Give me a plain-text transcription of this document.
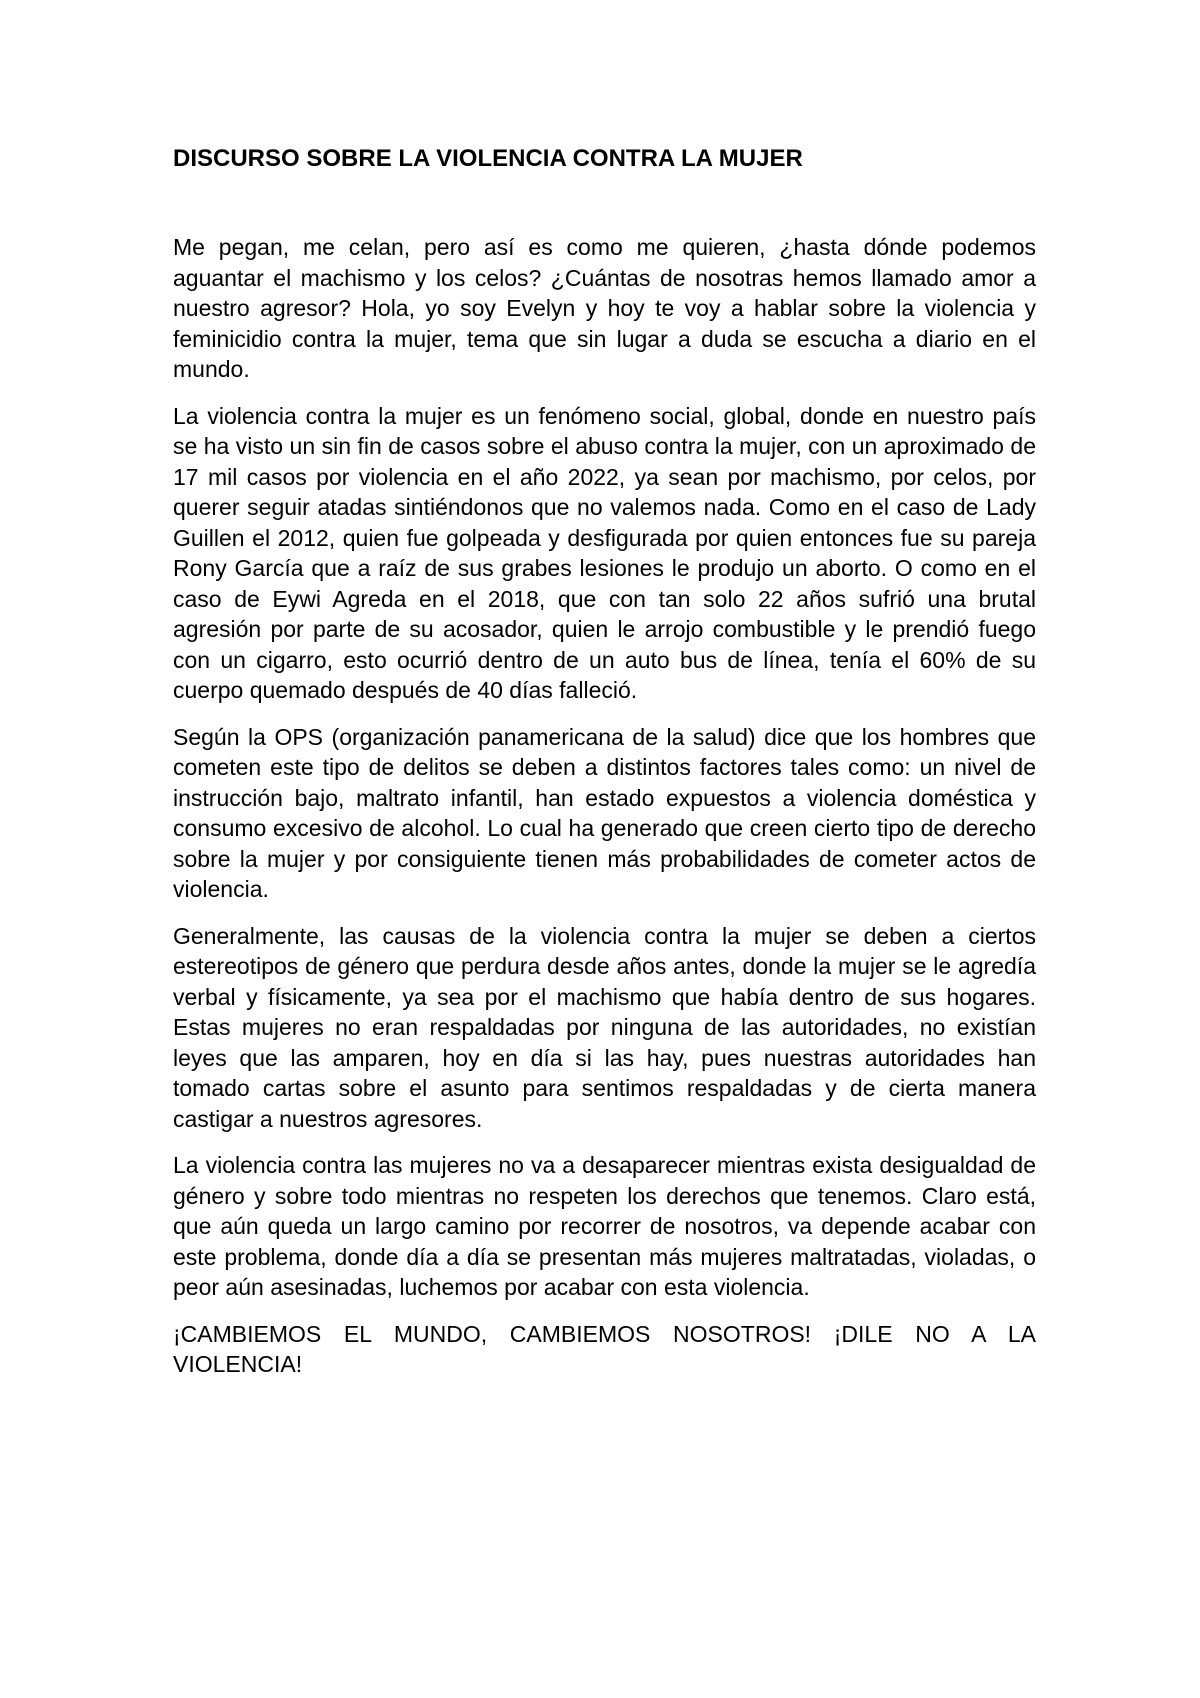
DISCURSO SOBRE LA VIOLENCIA CONTRA LA MUJER

Me pegan, me celan, pero así es como me quieren, ¿hasta dónde podemos aguantar el machismo y los celos? ¿Cuántas de nosotras hemos llamado amor a nuestro agresor? Hola, yo soy Evelyn y hoy te voy a hablar sobre la violencia y feminicidio contra la mujer, tema que sin lugar a duda se escucha a diario en el mundo.

La violencia contra la mujer es un fenómeno social, global, donde en nuestro país se ha visto un sin fin de casos sobre el abuso contra la mujer, con un aproximado de 17 mil casos por violencia en el año 2022, ya sean por machismo, por celos, por querer seguir atadas sintiéndonos que no valemos nada. Como en el caso de Lady Guillen el 2012, quien fue golpeada y desfigurada por quien entonces fue su pareja Rony García que a raíz de sus grabes lesiones le produjo un aborto. O como en el caso de Eywi Agreda en el 2018, que con tan solo 22 años sufrió una brutal agresión por parte de su acosador, quien le arrojo combustible y le prendió fuego con un cigarro, esto ocurrió dentro de un auto bus de línea, tenía el 60% de su cuerpo quemado después de 40 días falleció.

Según la OPS (organización panamericana de la salud) dice que los hombres que cometen este tipo de delitos se deben a distintos factores tales como: un nivel de instrucción bajo, maltrato infantil, han estado expuestos a violencia doméstica y consumo excesivo de alcohol. Lo cual ha generado que creen cierto tipo de derecho sobre la mujer y por consiguiente tienen más probabilidades de cometer actos de violencia.

Generalmente, las causas de la violencia contra la mujer se deben a ciertos estereotipos de género que perdura desde años antes, donde la mujer se le agredía verbal y físicamente, ya sea por el machismo que había dentro de sus hogares. Estas mujeres no eran respaldadas por ninguna de las autoridades, no existían leyes que las amparen, hoy en día si las hay, pues nuestras autoridades han tomado cartas sobre el asunto para sentimos respaldadas y de cierta manera castigar a nuestros agresores.

La violencia contra las mujeres no va a desaparecer mientras exista desigualdad de género y sobre todo mientras no respeten los derechos que tenemos. Claro está, que aún queda un largo camino por recorrer de nosotros, va depende acabar con este problema, donde día a día se presentan más mujeres maltratadas, violadas, o peor aún asesinadas, luchemos por acabar con esta violencia.

¡CAMBIEMOS EL MUNDO, CAMBIEMOS NOSOTROS! ¡DILE NO A LA VIOLENCIA!
